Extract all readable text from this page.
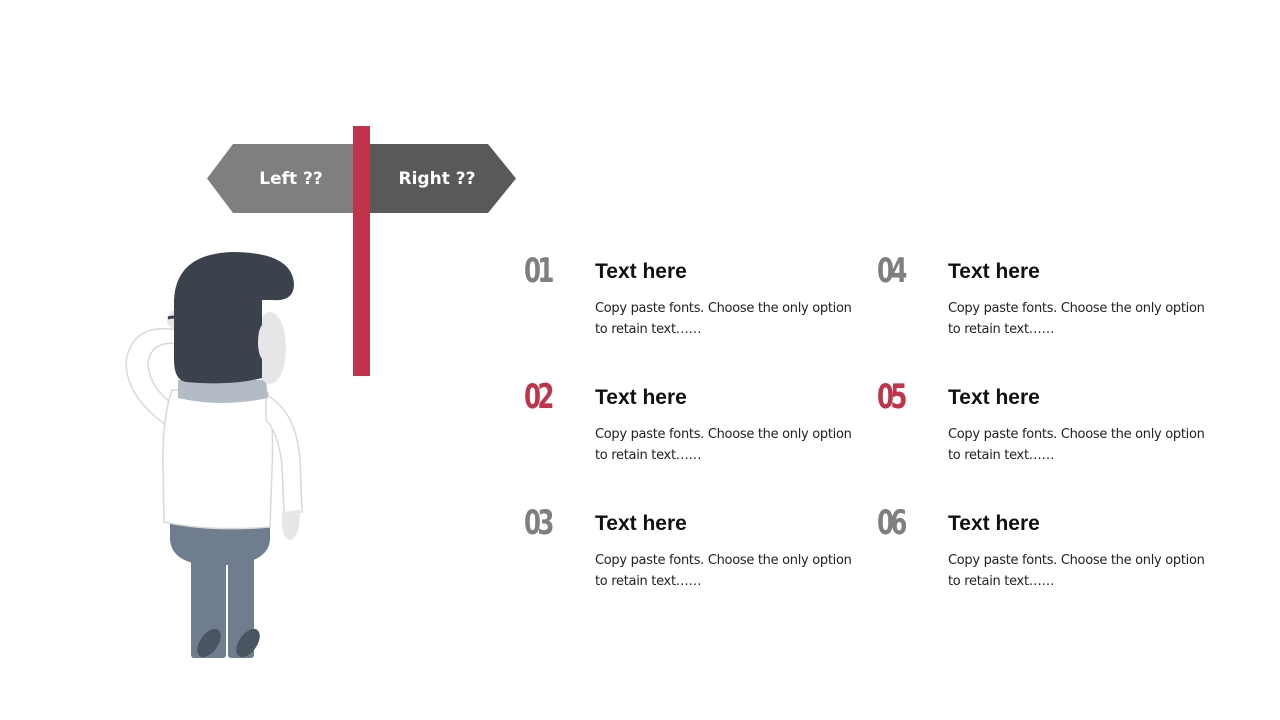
Left ??	Right ??
01 Text here
Copy paste fonts. Choose the only option to retain text……
02 Text here
Copy paste fonts. Choose the only option to retain text……
03 Text here
Copy paste fonts. Choose the only option to retain text……
04 Text here
Copy paste fonts. Choose the only option to retain text……
05 Text here
Copy paste fonts. Choose the only option to retain text……
06 Text here
Copy paste fonts. Choose the only option to retain text……
